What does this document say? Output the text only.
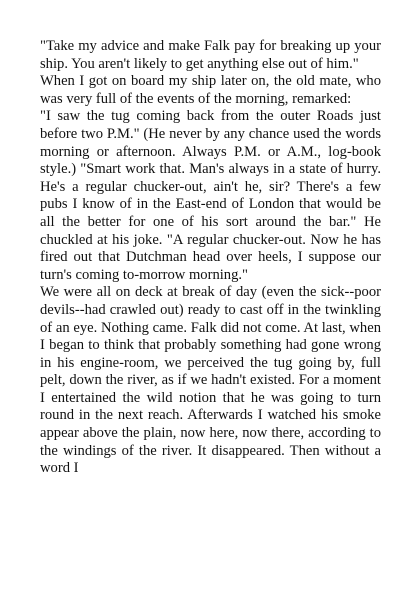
"Take my advice and make Falk pay for breaking up your ship. You aren't likely to get anything else out of him."

When I got on board my ship later on, the old mate, who was very full of the events of the morning, remarked:

"I saw the tug coming back from the outer Roads just before two P.M." (He never by any chance used the words morning or afternoon. Always P.M. or A.M., log-book style.) "Smart work that. Man's always in a state of hurry. He's a regular chucker-out, ain't he, sir? There's a few pubs I know of in the East-end of London that would be all the better for one of his sort around the bar." He chuckled at his joke. "A regular chucker-out. Now he has fired out that Dutchman head over heels, I suppose our turn's coming to-morrow morning."

We were all on deck at break of day (even the sick--poor devils--had crawled out) ready to cast off in the twinkling of an eye. Nothing came. Falk did not come. At last, when I began to think that probably something had gone wrong in his engine-room, we perceived the tug going by, full pelt, down the river, as if we hadn't existed. For a moment I entertained the wild notion that he was going to turn round in the next reach. Afterwards I watched his smoke appear above the plain, now here, now there, according to the windings of the river. It disappeared. Then without a word I
